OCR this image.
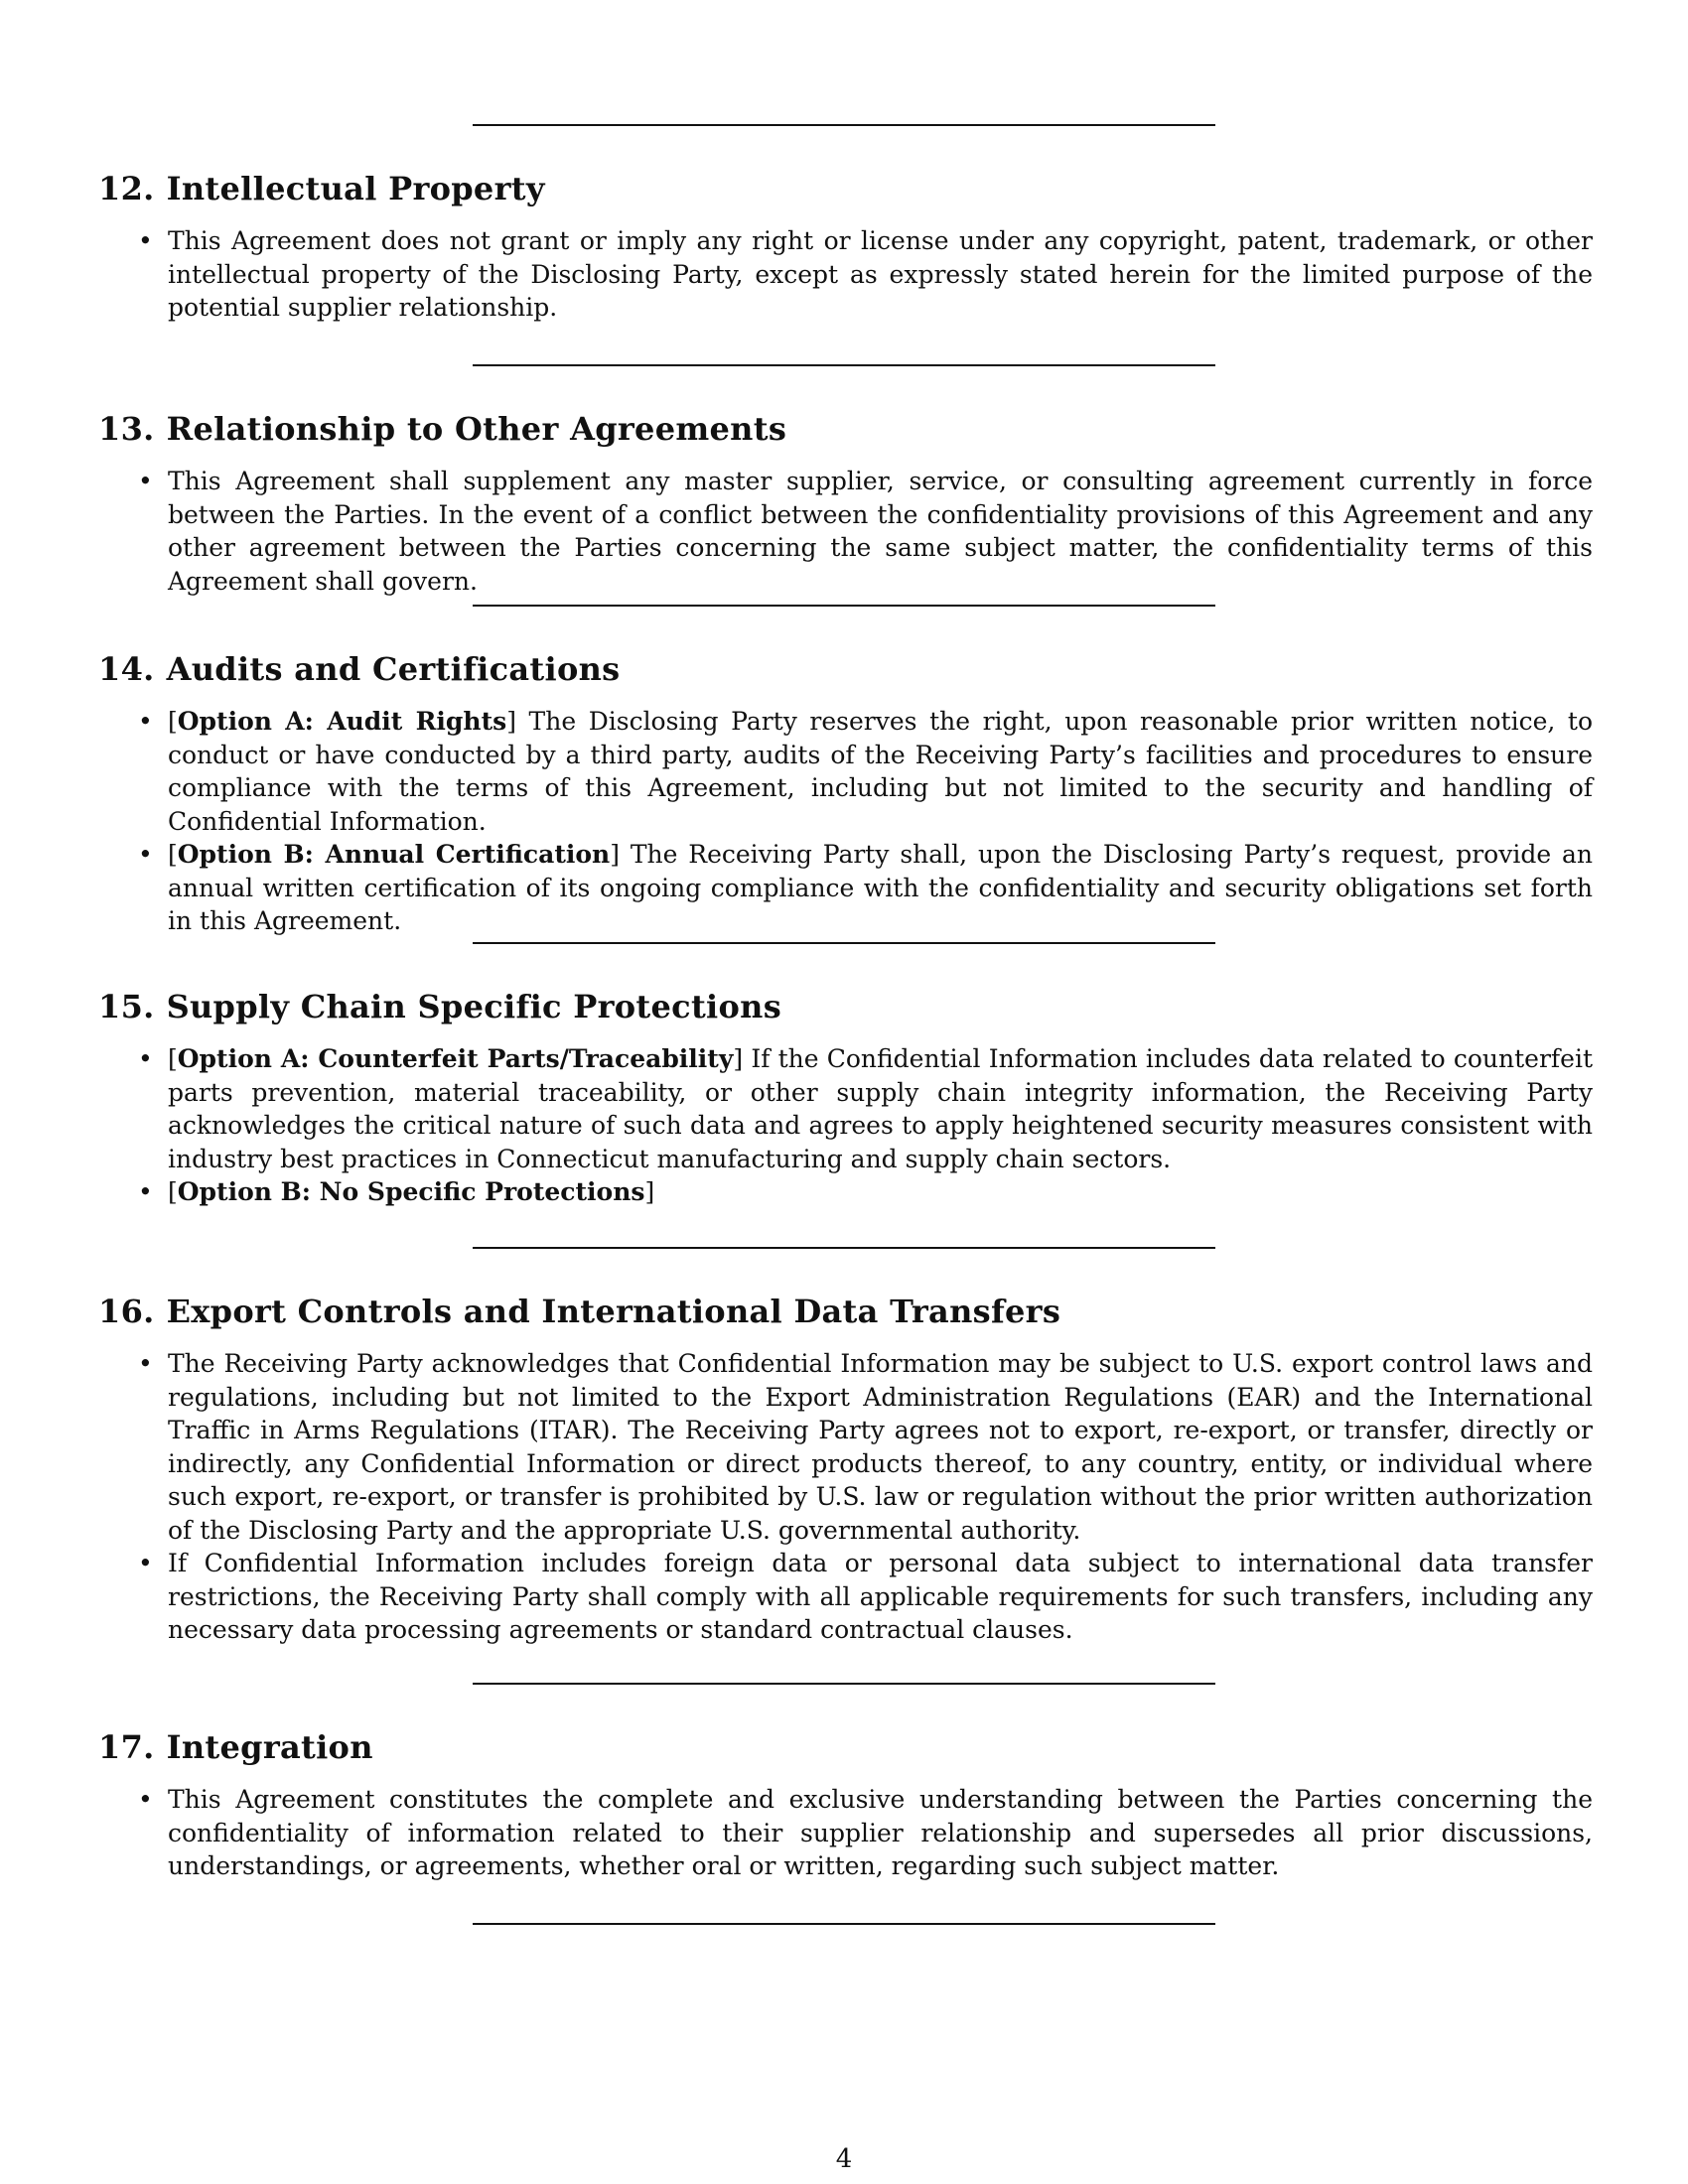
12. Intellectual Property
• This Agreement does not grant or imply any right or license under any copyright, patent, trademark, or other intellectual property of the Disclosing Party, except as expressly stated herein for the limited purpose of the potential supplier relationship.
13. Relationship to Other Agreements
• This Agreement shall supplement any master supplier, service, or consulting agreement currently in force between the Parties. In the event of a conflict between the confidentiality provisions of this Agreement and any other agreement between the Parties concerning the same subject matter, the confidentiality terms of this Agreement shall govern.
14. Audits and Certifications
• [Option A: Audit Rights] The Disclosing Party reserves the right, upon reasonable prior written notice, to conduct or have conducted by a third party, audits of the Receiving Party’s facilities and procedures to ensure compliance with the terms of this Agreement, including but not limited to the security and handling of Confidential Information.
• [Option B: Annual Certification] The Receiving Party shall, upon the Disclosing Party’s request, provide an annual written certification of its ongoing compliance with the confidentiality and security obligations set forth in this Agreement.
15. Supply Chain Specific Protections
• [Option A: Counterfeit Parts/Traceability] If the Confidential Information includes data related to counterfeit parts prevention, material traceability, or other supply chain integrity information, the Receiving Party acknowledges the critical nature of such data and agrees to apply heightened security measures consistent with industry best practices in Connecticut manufacturing and supply chain sectors.
• [Option B: No Specific Protections]
16. Export Controls and International Data Transfers
• The Receiving Party acknowledges that Confidential Information may be subject to U.S. export control laws and regulations, including but not limited to the Export Administration Regulations (EAR) and the International Traffic in Arms Regulations (ITAR). The Receiving Party agrees not to export, re-export, or transfer, directly or indirectly, any Confidential Information or direct products thereof, to any country, entity, or individual where such export, re-export, or transfer is prohibited by U.S. law or regulation without the prior written authorization of the Disclosing Party and the appropriate U.S. governmental authority.
• If Confidential Information includes foreign data or personal data subject to international data transfer restrictions, the Receiving Party shall comply with all applicable requirements for such transfers, including any necessary data processing agreements or standard contractual clauses.
17. Integration
• This Agreement constitutes the complete and exclusive understanding between the Parties concerning the confidentiality of information related to their supplier relationship and supersedes all prior discussions, understandings, or agreements, whether oral or written, regarding such subject matter.
4
